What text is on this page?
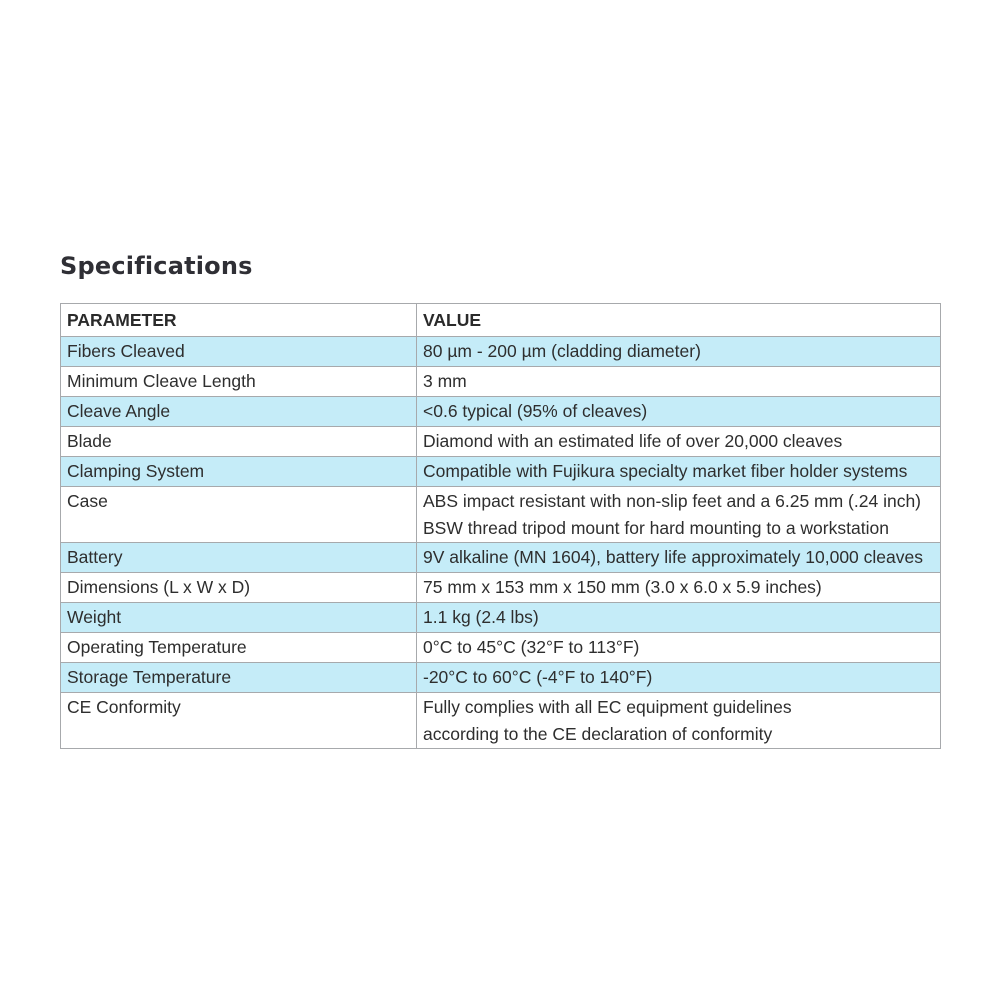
Specifications
PARAMETER	VALUE
Fibers Cleaved	80 µm - 200 µm (cladding diameter)

Minimum Cleave Length	3 mm

Cleave Angle	<0.6 typical (95% of cleaves)

Blade	Diamond with an estimated life of over 20,000 cleaves

Clamping System	Compatible with Fujikura specialty market fiber holder systems

Case	ABS impact resistant with non-slip feet and a 6.25 mm (.24 inch)
BSW thread tripod mount for hard mounting to a workstation

Battery	9V alkaline (MN 1604), battery life approximately 10,000 cleaves

Dimensions (L x W x D)	75 mm x 153 mm x 150 mm (3.0 x 6.0 x 5.9 inches)

Weight	1.1 kg (2.4 lbs)

Operating Temperature	0°C to 45°C (32°F to 113°F)

Storage Temperature	-20°C to 60°C (-4°F to 140°F)

CE Conformity	Fully complies with all EC equipment guidelines
according to the CE declaration of conformity
